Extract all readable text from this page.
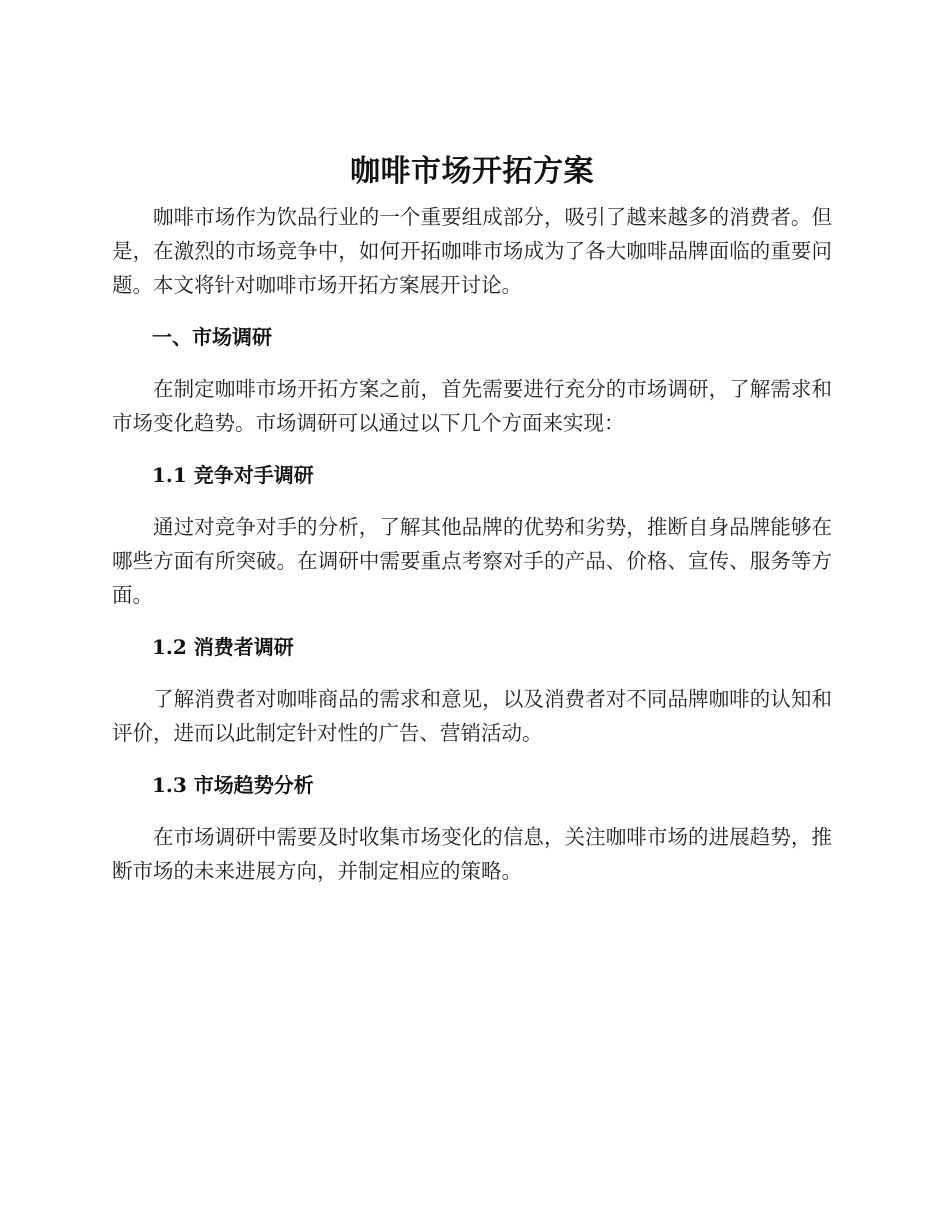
咖啡市场开拓方案

咖啡市场作为饮品行业的一个重要组成部分，吸引了越来越多的消费者。但是，在激烈的市场竞争中，如何开拓咖啡市场成为了各大咖啡品牌面临的重要问题。本文将针对咖啡市场开拓方案展开讨论。

一、市场调研

在制定咖啡市场开拓方案之前，首先需要进行充分的市场调研，了解需求和市场变化趋势。市场调研可以通过以下几个方面来实现：

1.1 竞争对手调研

通过对竞争对手的分析，了解其他品牌的优势和劣势，推断自身品牌能够在哪些方面有所突破。在调研中需要重点考察对手的产品、价格、宣传、服务等方面。

1.2 消费者调研

了解消费者对咖啡商品的需求和意见，以及消费者对不同品牌咖啡的认知和评价，进而以此制定针对性的广告、营销活动。

1.3 市场趋势分析

在市场调研中需要及时收集市场变化的信息，关注咖啡市场的进展趋势，推断市场的未来进展方向，并制定相应的策略。
